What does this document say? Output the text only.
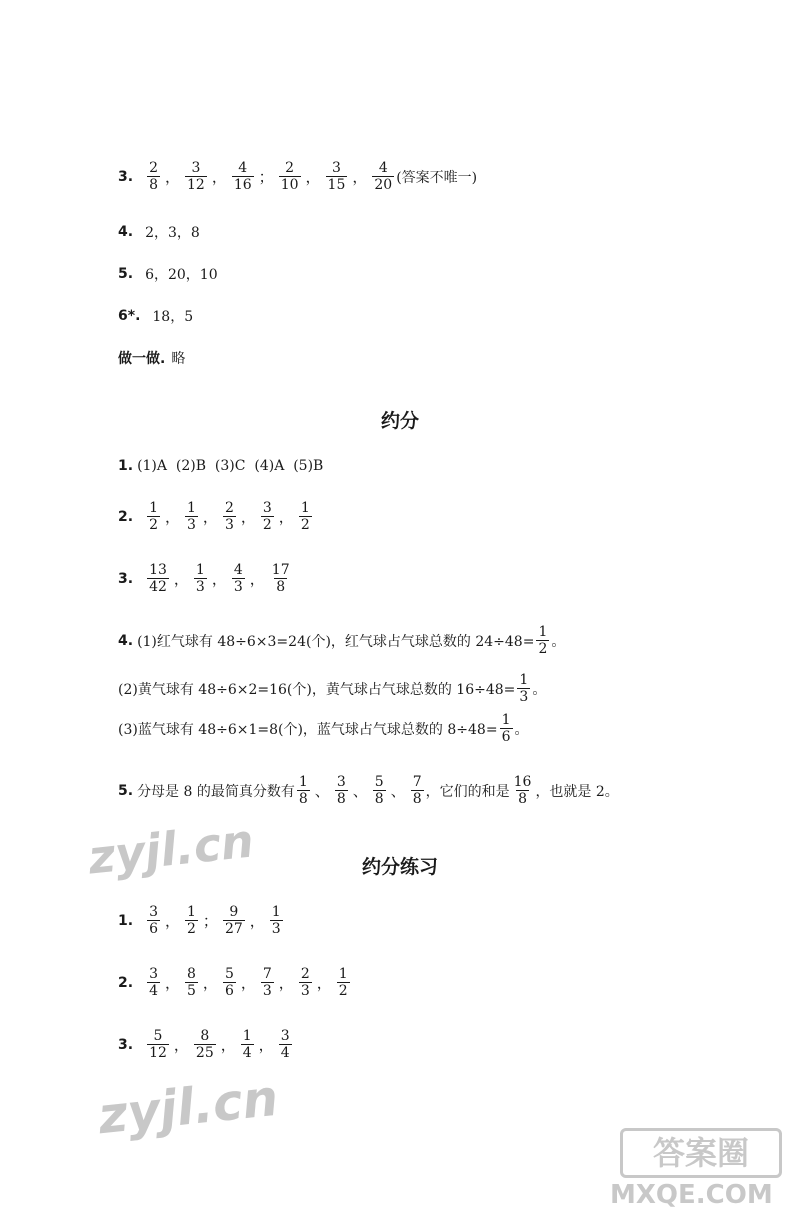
3. $\frac{2}{8}$ ， $\frac{3}{12}$ ， $\frac{4}{16}$ ； $\frac{2}{10}$ ， $\frac{3}{15}$ ， $\frac{4}{20}$ (答案不唯一)
4. 2，3，8
5. 6，20，10
6*. 18，5
做一做. 略
约分
1. (1)A  (2)B  (3)C  (4)A  (5)B
2. $\frac{1}{2}$ ， $\frac{1}{3}$ ， $\frac{2}{3}$ ， $\frac{3}{2}$ ， $\frac{1}{2}$
3. $\frac{13}{42}$ ， $\frac{1}{3}$ ， $\frac{4}{3}$ ， $\frac{17}{8}$
4. (1)红气球有 48÷6×3=24(个)，红气球占气球总数的 $24\div 48= \frac{1}{2}$ 。
(2)黄气球有 48÷6×2=16(个)，黄气球占气球总数的 $16\div 48= \frac{1}{3}$ 。
(3)蓝气球有 48÷6×1=8(个)，蓝气球占气球总数的 $8\div 48= \frac{1}{6}$ 。
5. 分母是 8 的最简真分数有 $\frac{1}{8}$ 、 $\frac{3}{8}$ 、 $\frac{5}{8}$ 、 $\frac{7}{8}$ ，它们的和是 $\frac{16}{8}$ ，也就是 2。
约分练习
1. $\frac{3}{6}$ ， $\frac{1}{2}$ ； $\frac{9}{27}$ ， $\frac{1}{3}$
2. $\frac{3}{4}$ ， $\frac{8}{5}$ ， $\frac{5}{6}$ ， $\frac{7}{3}$ ， $\frac{2}{3}$ ， $\frac{1}{2}$
3. $\frac{5}{12}$ ， $\frac{8}{25}$ ， $\frac{1}{4}$ ， $\frac{3}{4}$
zyjl.cn
zyjl.cn
答案圈
MXQE.COM
